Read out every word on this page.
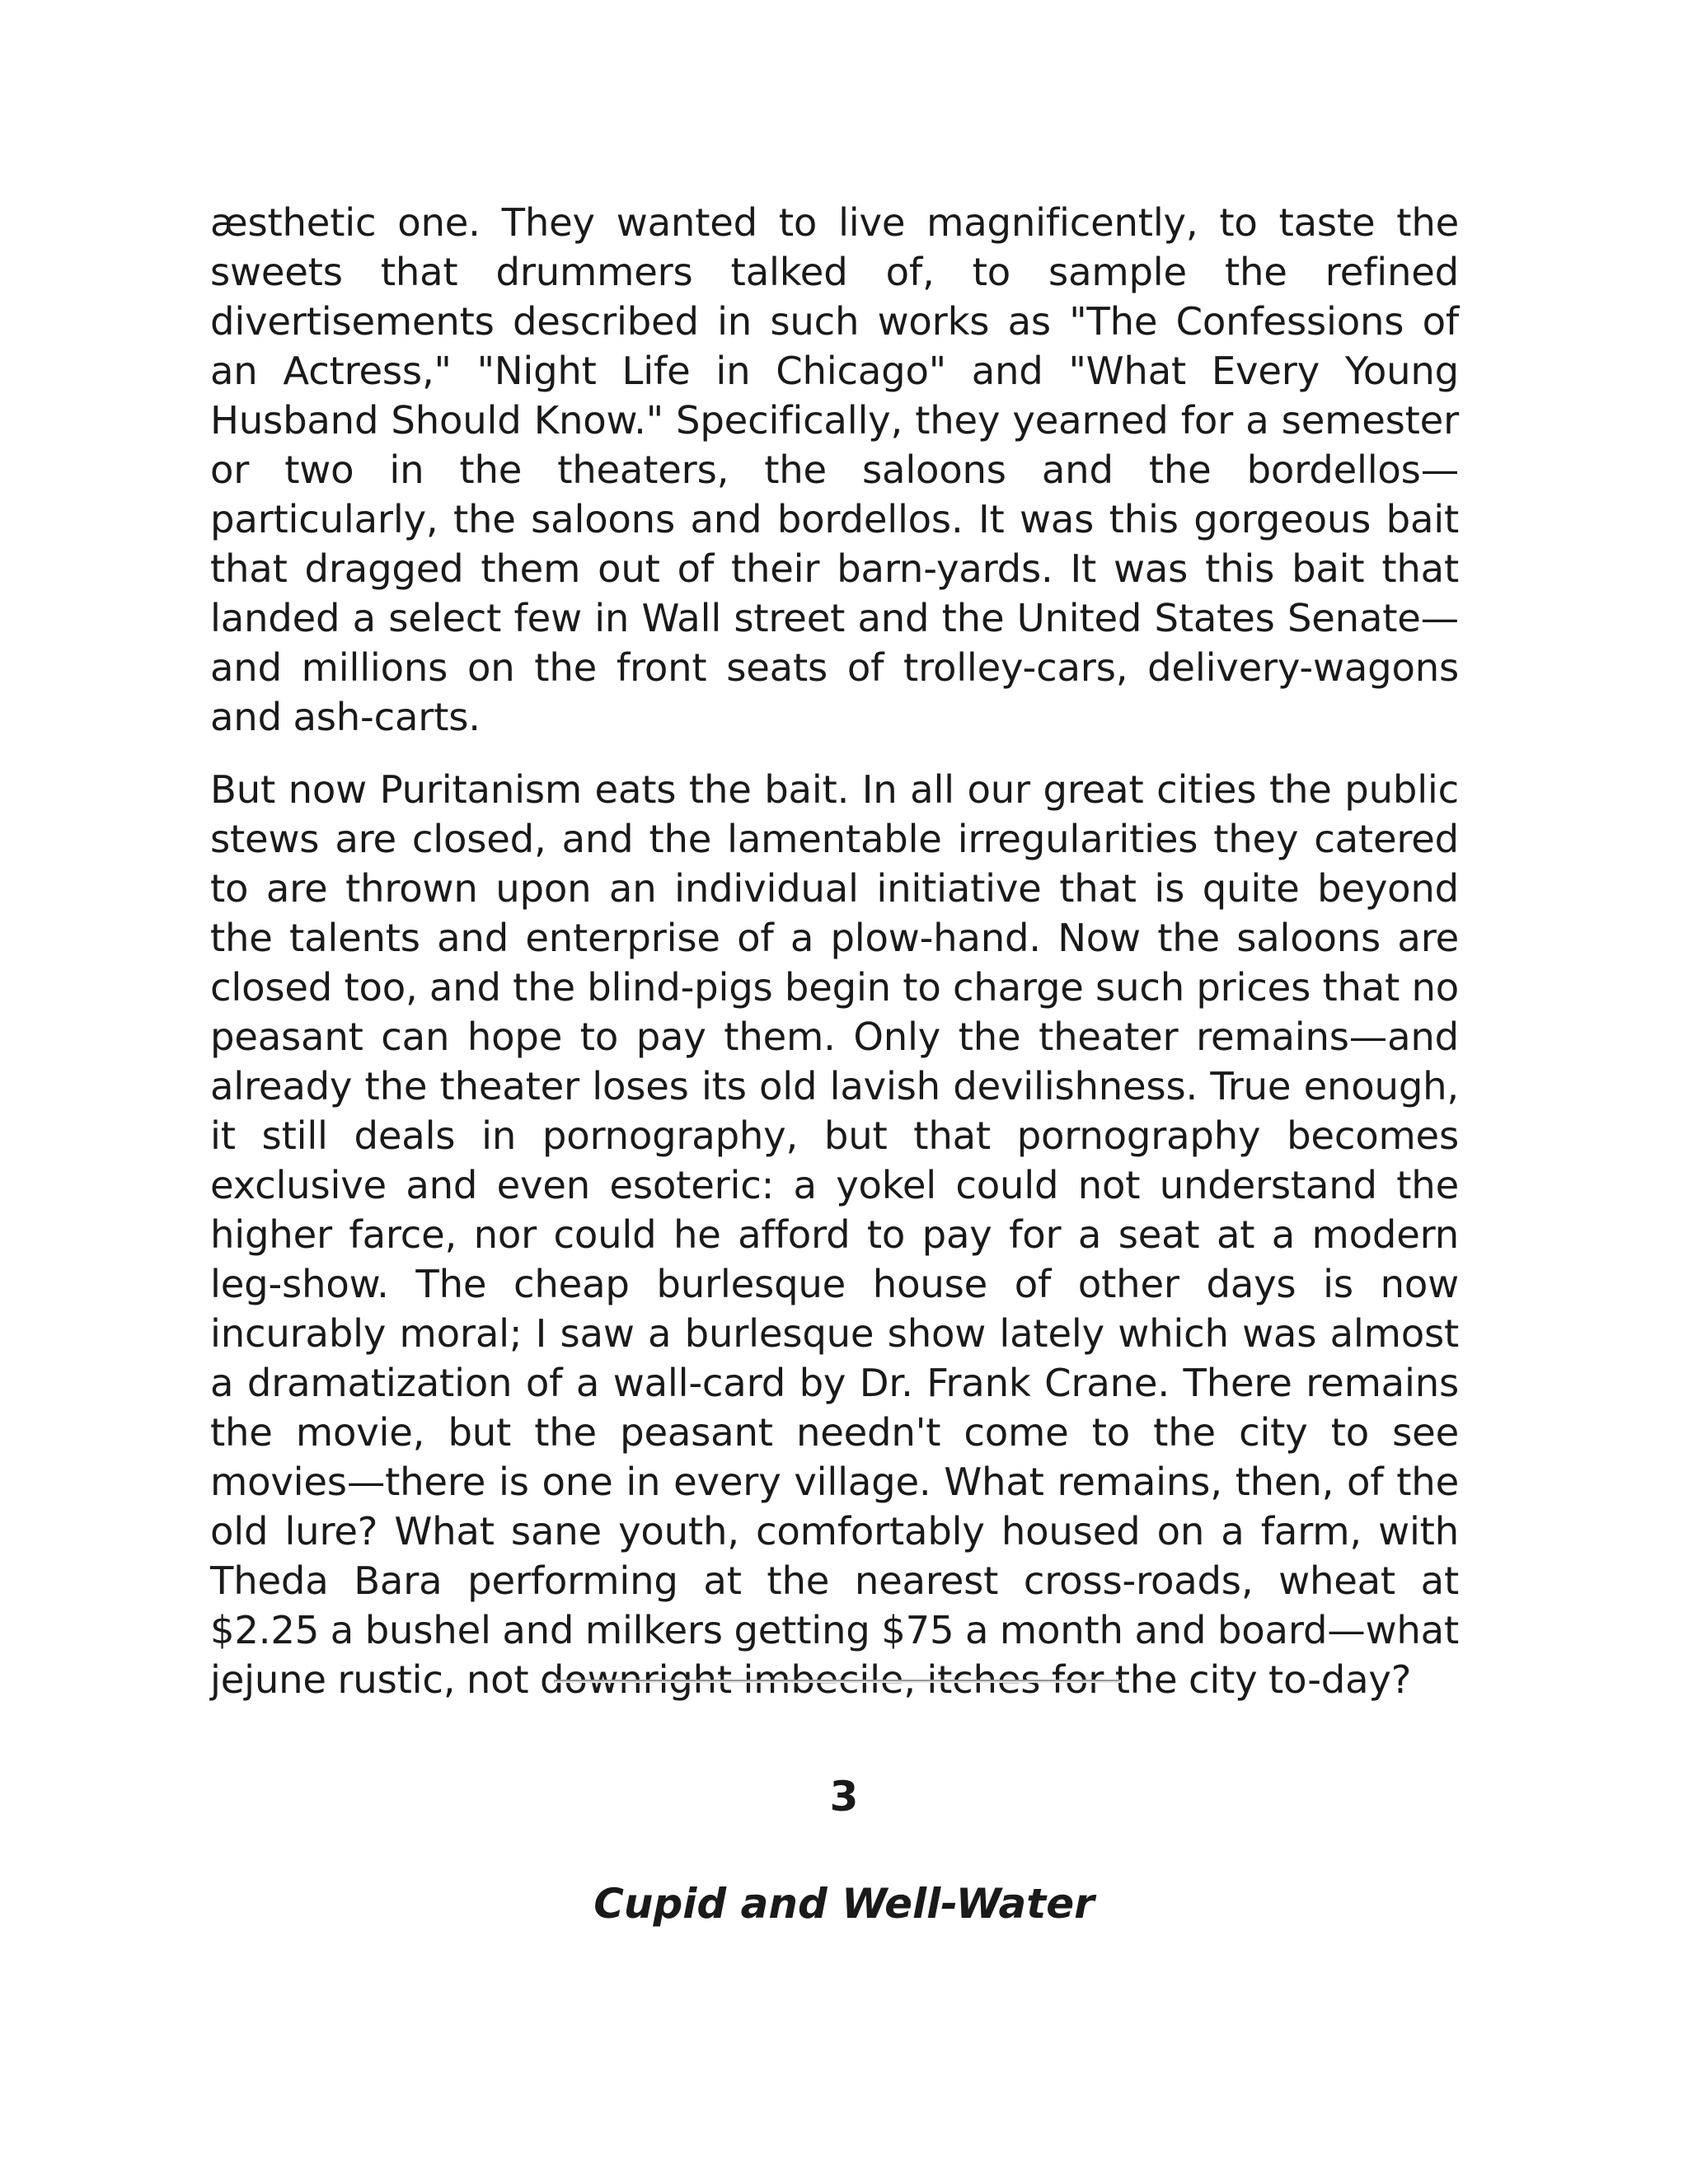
æsthetic one. They wanted to live magnificently, to taste the sweets that drummers talked of, to sample the refined divertisements described in such works as "The Confessions of an Actress," "Night Life in Chicago" and "What Every Young Husband Should Know." Specifically, they yearned for a semester or two in the theaters, the saloons and the bordellos—particularly, the saloons and bordellos. It was this gorgeous bait that dragged them out of their barn-yards. It was this bait that landed a select few in Wall street and the United States Senate—and millions on the front seats of trolley-cars, delivery-wagons and ash-carts.

But now Puritanism eats the bait. In all our great cities the public stews are closed, and the lamentable irregularities they catered to are thrown upon an individual initiative that is quite beyond the talents and enterprise of a plow-hand. Now the saloons are closed too, and the blind-pigs begin to charge such prices that no peasant can hope to pay them. Only the theater remains—and already the theater loses its old lavish devilishness. True enough, it still deals in pornography, but that pornography becomes exclusive and even esoteric: a yokel could not understand the higher farce, nor could he afford to pay for a seat at a modern leg-show. The cheap burlesque house of other days is now incurably moral; I saw a burlesque show lately which was almost a dramatization of a wall-card by Dr. Frank Crane. There remains the movie, but the peasant needn't come to the city to see movies—there is one in every village. What remains, then, of the old lure? What sane youth, comfortably housed on a farm, with Theda Bara performing at the nearest cross-roads, wheat at $2.25 a bushel and milkers getting $75 a month and board—what jejune rustic, not downright imbecile, itches for the city to-day?

3
Cupid and Well-Water
